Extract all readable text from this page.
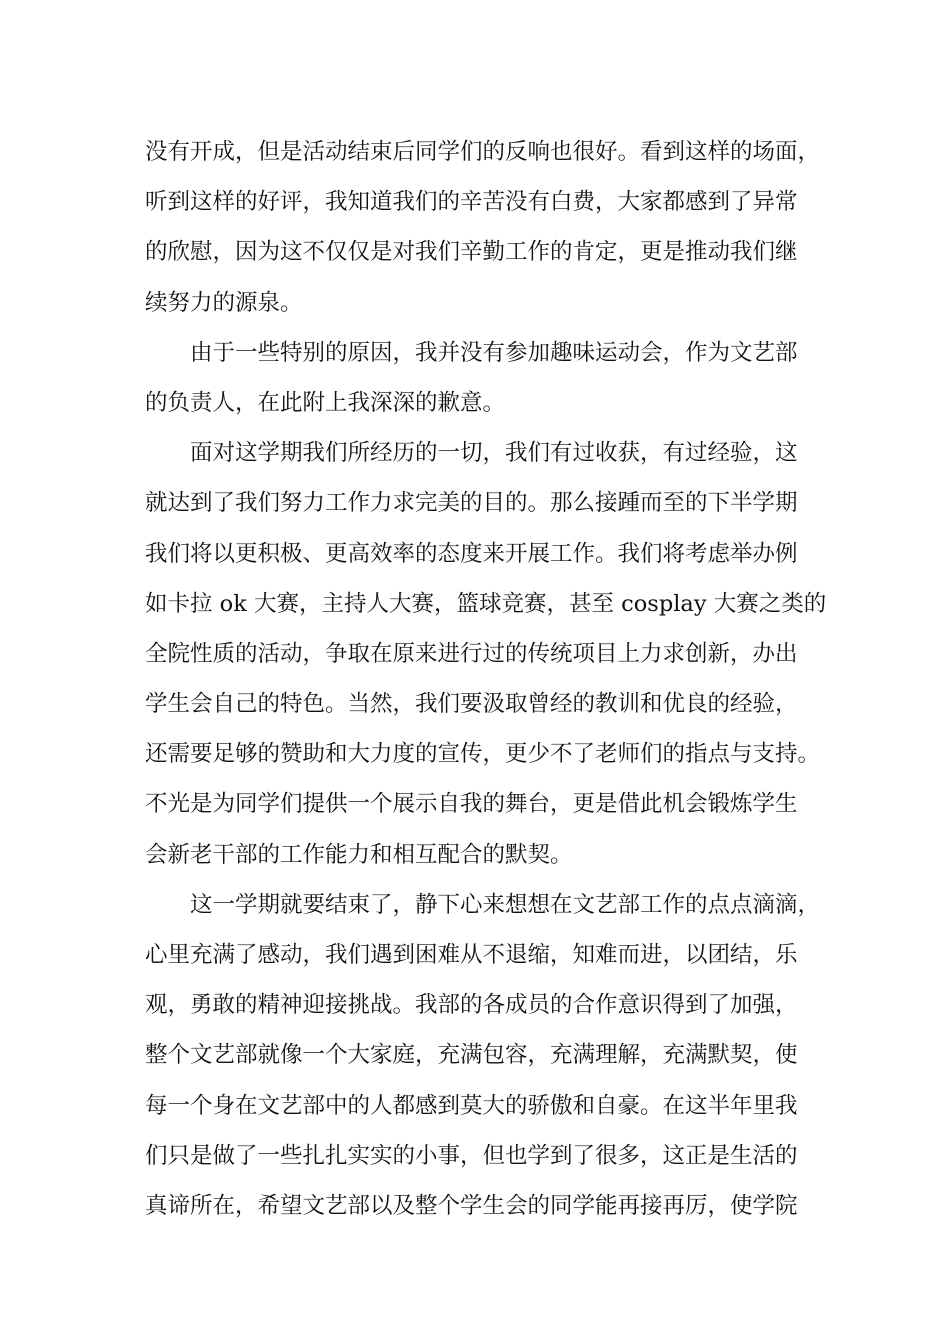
没有开成，但是活动结束后同学们的反响也很好。看到这样的场面，
听到这样的好评，我知道我们的辛苦没有白费，大家都感到了异常
的欣慰，因为这不仅仅是对我们辛勤工作的肯定，更是推动我们继
续努力的源泉。
由于一些特别的原因，我并没有参加趣味运动会，作为文艺部
的负责人，在此附上我深深的歉意。
面对这学期我们所经历的一切，我们有过收获，有过经验，这
就达到了我们努力工作力求完美的目的。那么接踵而至的下半学期
我们将以更积极、更高效率的态度来开展工作。我们将考虑举办例
如卡拉 ok 大赛，主持人大赛，篮球竞赛，甚至 cosplay 大赛之类的
全院性质的活动，争取在原来进行过的传统项目上力求创新，办出
学生会自己的特色。当然，我们要汲取曾经的教训和优良的经验，
还需要足够的赞助和大力度的宣传，更少不了老师们的指点与支持。
不光是为同学们提供一个展示自我的舞台，更是借此机会锻炼学生
会新老干部的工作能力和相互配合的默契。
这一学期就要结束了，静下心来想想在文艺部工作的点点滴滴，
心里充满了感动，我们遇到困难从不退缩，知难而进，以团结，乐
观，勇敢的精神迎接挑战。我部的各成员的合作意识得到了加强，
整个文艺部就像一个大家庭，充满包容，充满理解，充满默契，使
每一个身在文艺部中的人都感到莫大的骄傲和自豪。在这半年里我
们只是做了一些扎扎实实的小事，但也学到了很多，这正是生活的
真谛所在，希望文艺部以及整个学生会的同学能再接再厉，使学院
